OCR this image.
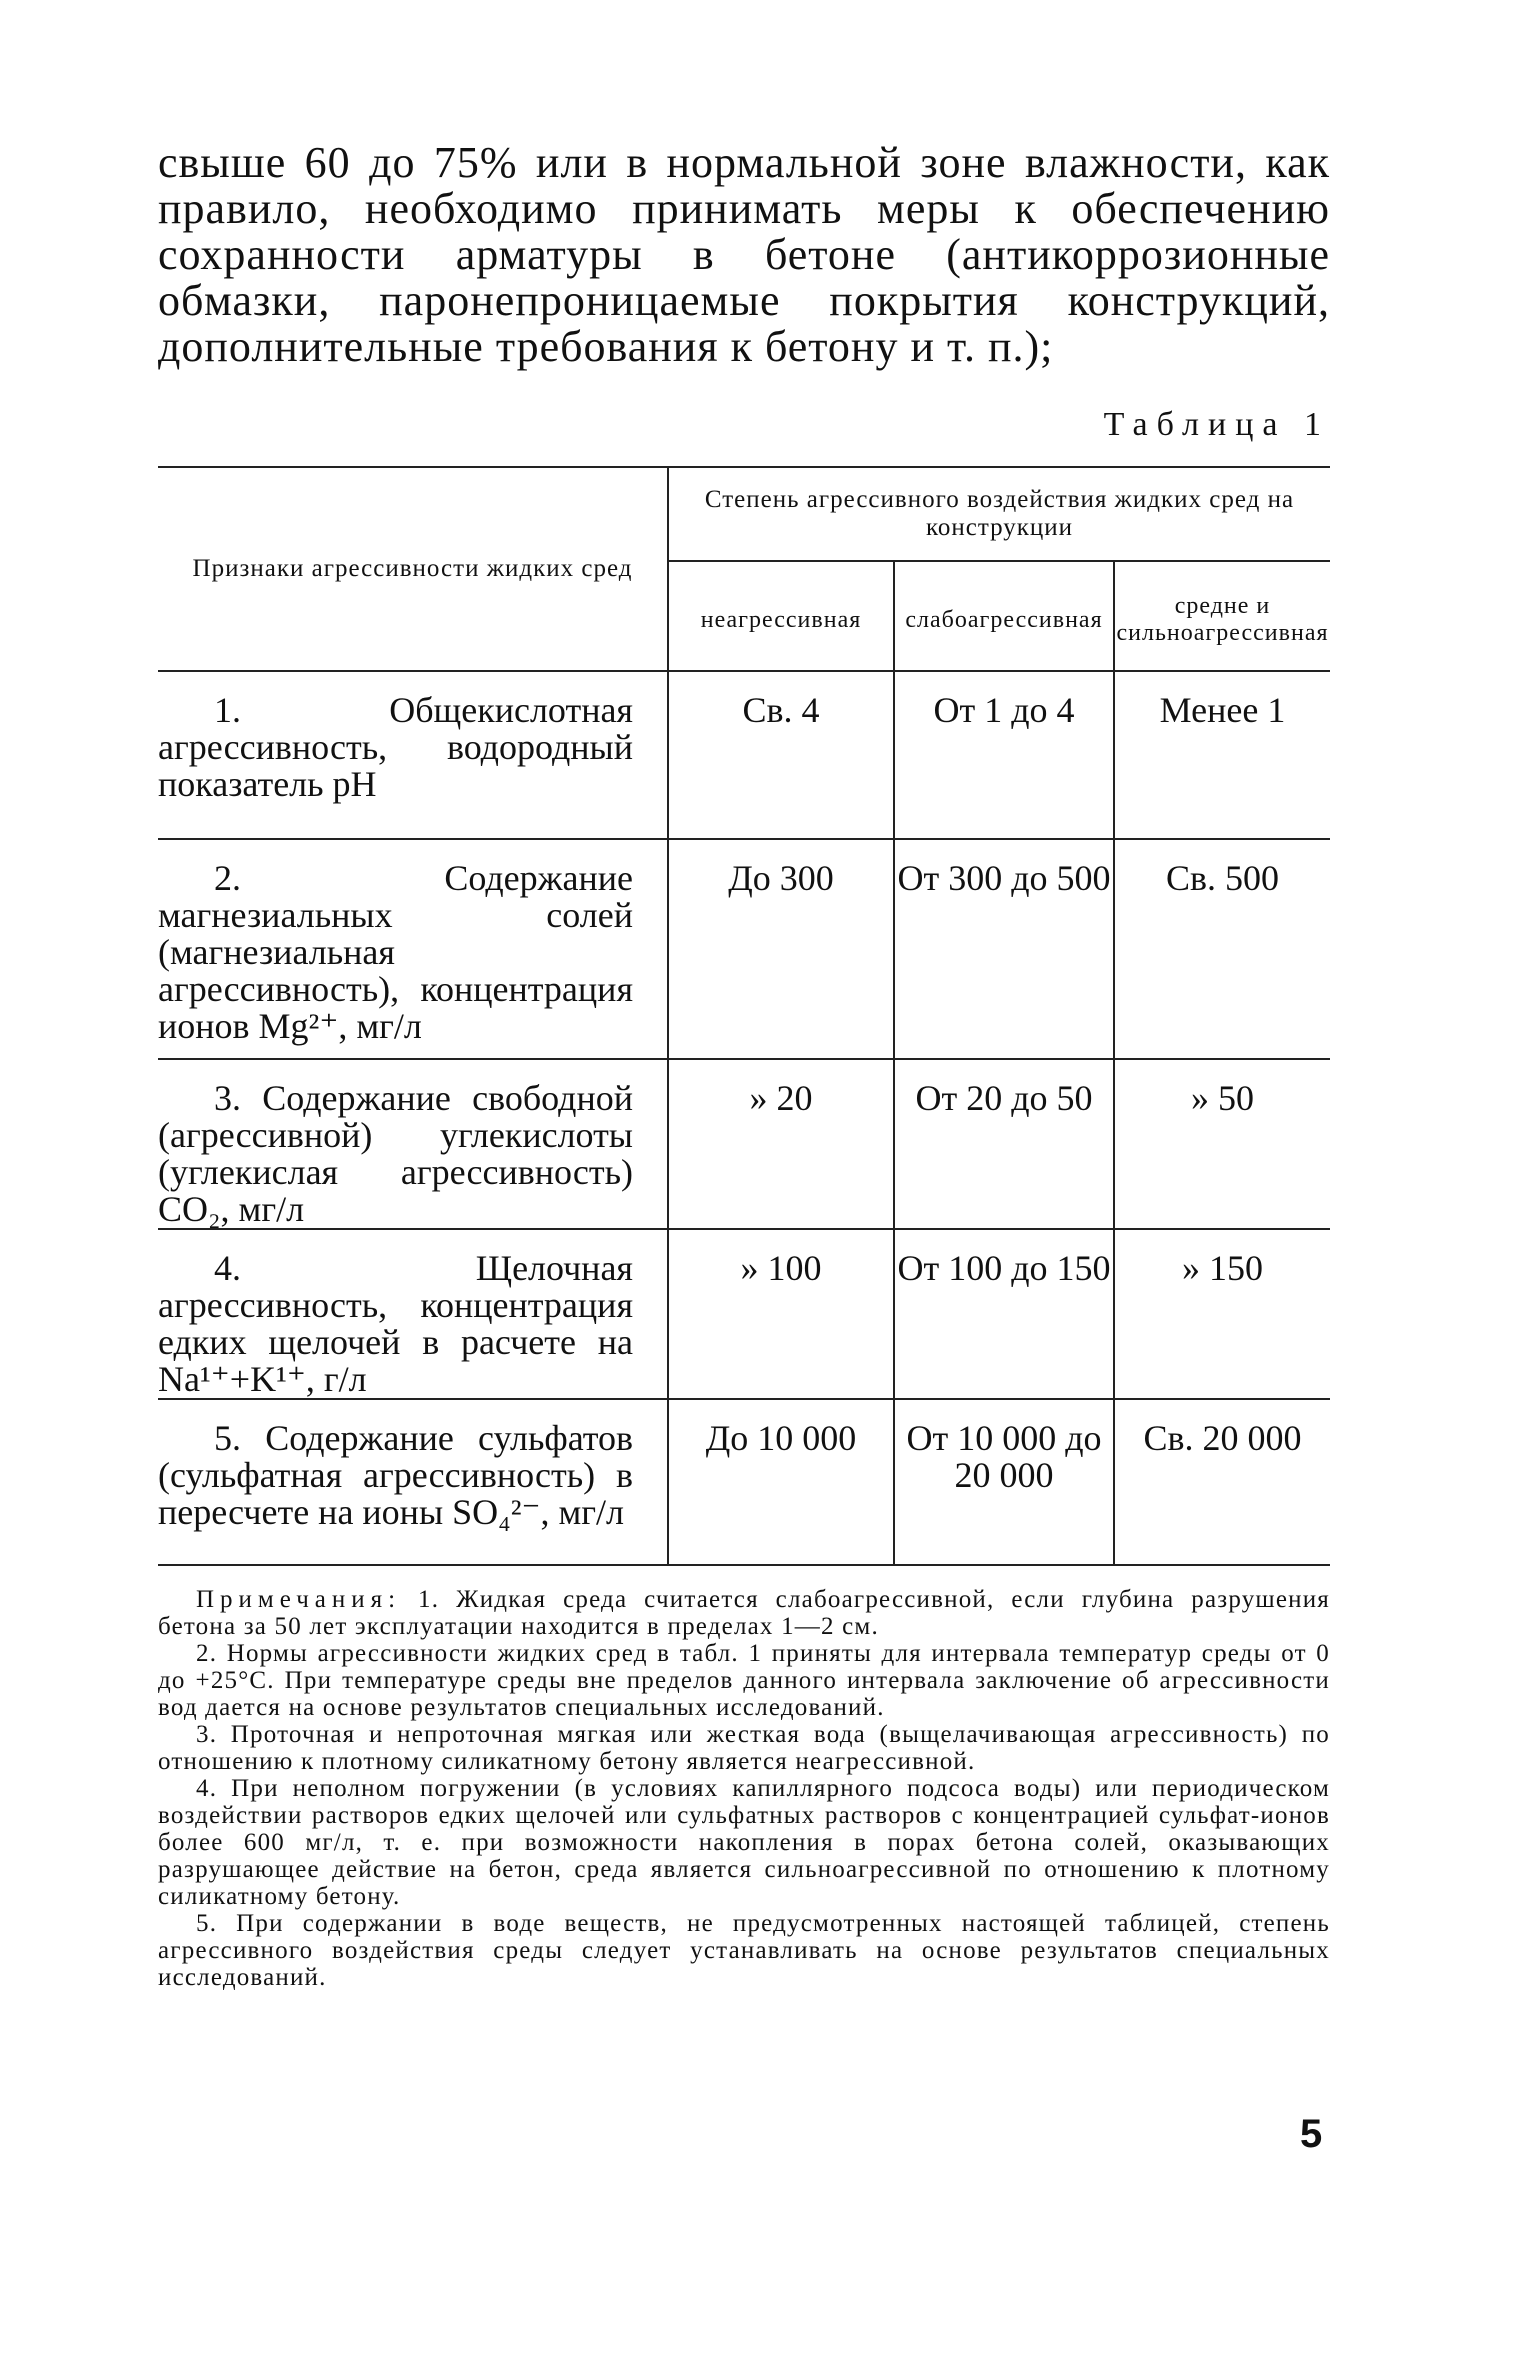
свыше 60 до 75% или в нормальной зоне влажности, как правило, необходимо принимать меры к обеспечению сохранности арматуры в бетоне (антикоррозионные обмазки, паронепроницаемые покрытия конструкций, дополнительные требования к бетону и т. п.);

Таблица 1
Признаки агрессивности жидких сред	Степень агрессивного воздействия жидких сред на конструкции		
	неагрессивная	слабоагрессивная	средне и сильноагрессивная
1. Общекислотная агрессивность, водородный показатель pH	Св. 4	От 1 до 4	Менее 1
2. Содержание магнезиальных солей (магнезиальная агрессивность), концентрация ионов Mg²⁺, мг/л	До 300	От 300 до 500	Св. 500
3. Содержание свободной (агрессивной) углекислоты (углекислая агрессивность) CO₂, мг/л	» 20	От 20 до 50	» 50
4. Щелочная агрессивность, концентрация едких щелочей в расчете на Na¹⁺+K¹⁺, г/л	» 100	От 100 до 150	» 150
5. Содержание сульфатов (сульфатная агрессивность) в пересчете на ионы SO₄²⁻, мг/л	До 10 000	От 10 000 до 20 000	Св. 20 000

Примечания: 1. Жидкая среда считается слабоагрессивной, если глубина разрушения бетона за 50 лет эксплуатации находится в пределах 1—2 см.

2. Нормы агрессивности жидких сред в табл. 1 приняты для интервала температур среды от 0 до +25°С. При температуре среды вне пределов данного интервала заключение об агрессивности вод дается на основе результатов специальных исследований.

3. Проточная и непроточная мягкая или жесткая вода (выщелачивающая агрессивность) по отношению к плотному силикатному бетону является неагрессивной.

4. При неполном погружении (в условиях капиллярного подсоса воды) или периодическом воздействии растворов едких щелочей или сульфатных растворов с концентрацией сульфат-ионов более 600 мг/л, т. е. при возможности накопления в порах бетона солей, оказывающих разрушающее действие на бетон, среда является сильноагрессивной по отношению к плотному силикатному бетону.

5. При содержании в воде веществ, не предусмотренных настоящей таблицей, степень агрессивного воздействия среды следует устанавливать на основе результатов специальных исследований.

5
